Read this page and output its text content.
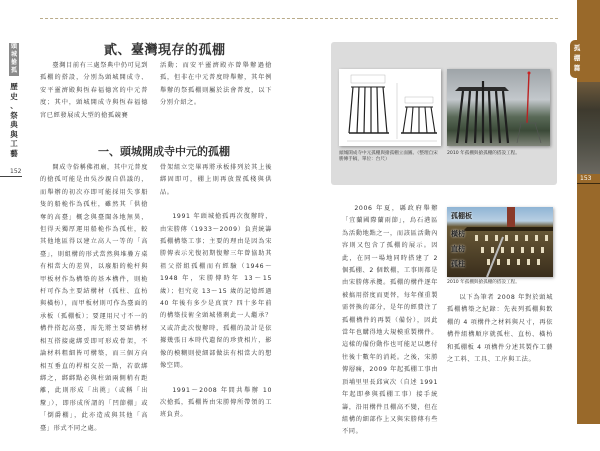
頭
城
搶
孤
歷
史
、
祭
典
與
工
藝
152
貳、臺灣現存的孤棚

臺灣目前有三處祭典中仍可見到孤棚的搭設，分別為頭城開成寺、安平靈濟殿與恆春福德宮的中元普度；其中，頭城開成寺與恆春福德宮已經發展成大型的搶孤競賽

活動；而安平靈濟殿亦曾舉辦過搶孤，但非在中元普度時舉辦，其年例舉辦的祭孤棚則屬於法會普度，以下分別介紹之。

一、頭城開成寺中元的孤棚

開成寺俗稱佛祖廟，其中元普度的搶孤可能是由吳沙親自倡議的，而舉辦的初次亦即可能採用失事船隻的船桅作為孤柱，雖然其「供搶奪的高臺」概念與臺閩各地無異，但得天獨厚運用船桅作為孤柱，較其他地區得以建立高人一等的「高臺」，則組構的形式當然與堆疊方桌有相當大的差異，以廢船的桅杆與甲板材作為構築的基本構件，則桅杆可作為主要結構材（孤柱、直枋與橫枋），而甲板材則可作為臺面的承板（孤棚板）；要運用尺寸不一的構件搭起高臺，需先將主要結構材相互搭接處綁妥即可形成骨架，不論材料粗細皆可構築，而三個方向相互垂直的桿相交於一點，若欲綁綁之，綁綁點必與柱頭兩側稍有距離，此則形成「出挑」（或稱「出釐」），即形成所謂的「凹節棚」或「倒爵棚」，此亦造成與其他「高臺」形式不同之處。

骨架組立完畢再將承板排列於其上後綁固即可，棚上則再放置孤棧與供品。

1991 年頭城搶孤再次復辦時，由宋勝傳（1933～2009）負責統籌孤棚構築工事；主要的理由是因為宋勝傳表示光復初期復辦三年曾協助其祖父搭組孤棚而有經驗（1946～1948 年，宋勝傳時年 13～15 歲）；但究竟 13～15 歲的記憶經過 40 年後有多少是真實？四十多年前的構築技術全頭城僅剩此一人繼承？又或許此次復辦時，孤棚的設計是依據幾張日本時代遺留的珍貴相片，影像的模糊則使細部做法有相當大的想像空間。

1991～2008 年間共舉辦 10 次搶孤，孤棚皆由宋勝傳所帶領的工班負責。

頭城開成寺中元孤棚與搶孤棚立面圖。（整理自宋勝傳手稿，單位：台尺）
2010 年孤棚與搶孤棚的搭設工程。
孤棚板
橫枋
直枋
孤柱
2010 年孤棚與搶孤棚的搭設工程。

2006 年夏，縣政府舉辦「宜蘭國際蘭雨節」，烏石港區為活動地點之一，而該區活動內容則又包含了孤棚的展示。因此，在同一場地同時搭建了 2 個孤棚、2 個飲棚，工事則都是由宋勝傳承攬。孤棚的構件逐年被搞用搭度而更替，每年僅重製需替換的部分，是年的經費注了孤棚構件的再製（備份），因此當年也購得地大規模重製構件。這樣的備份動作也可能足以應付往後十數年的消耗。之後，宋勝傳層痛，2009 年起孤棚工事由頂埔里里長邱寅次（自述 1991 年起即參與孤棚工事）接手統籌，沿用構件且棚高不變，但在組構的細部作上又與宋勝傳有些不同。

以下為筆者 2008 年對於頭城孤棚構築之紀錄：先表列孤棚與飲棚的 4 項構件之材料與尺寸，再依構件組構順序就孤柱、直枋、橫枋和孤棚板 4 項構件分述其製作工藝之工料、工具、工序與工法。

孤
棚
篇
153
